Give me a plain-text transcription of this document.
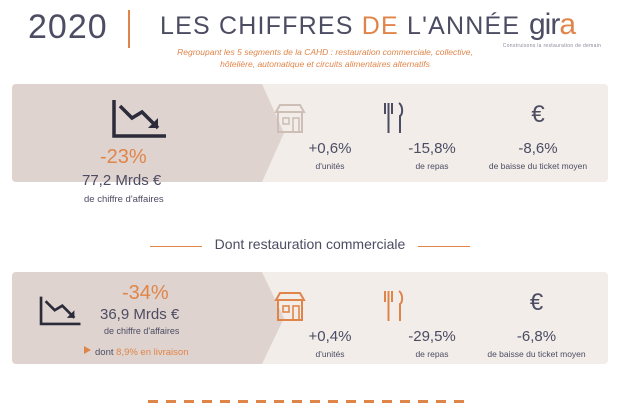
2020 LES CHIFFRES DE L'ANNÉE
Regroupant les 5 segments de la CAHD : restauration commerciale, collective, hôtelière, automatique et circuits alimentaires alternatifs
gira
Construisons la restauration de demain
-23%
77,2 Mrds €
de chiffre d'affaires
+0,6%
d'unités
-15,8%
de repas
€
-8,6%
de baisse du ticket moyen
Dont restauration commerciale
-34%
36,9 Mrds €
de chiffre d'affaires
dont 8,9% en livraison
+0,4%
d'unités
-29,5%
de repas
€
-6,8%
de baisse du ticket moyen
